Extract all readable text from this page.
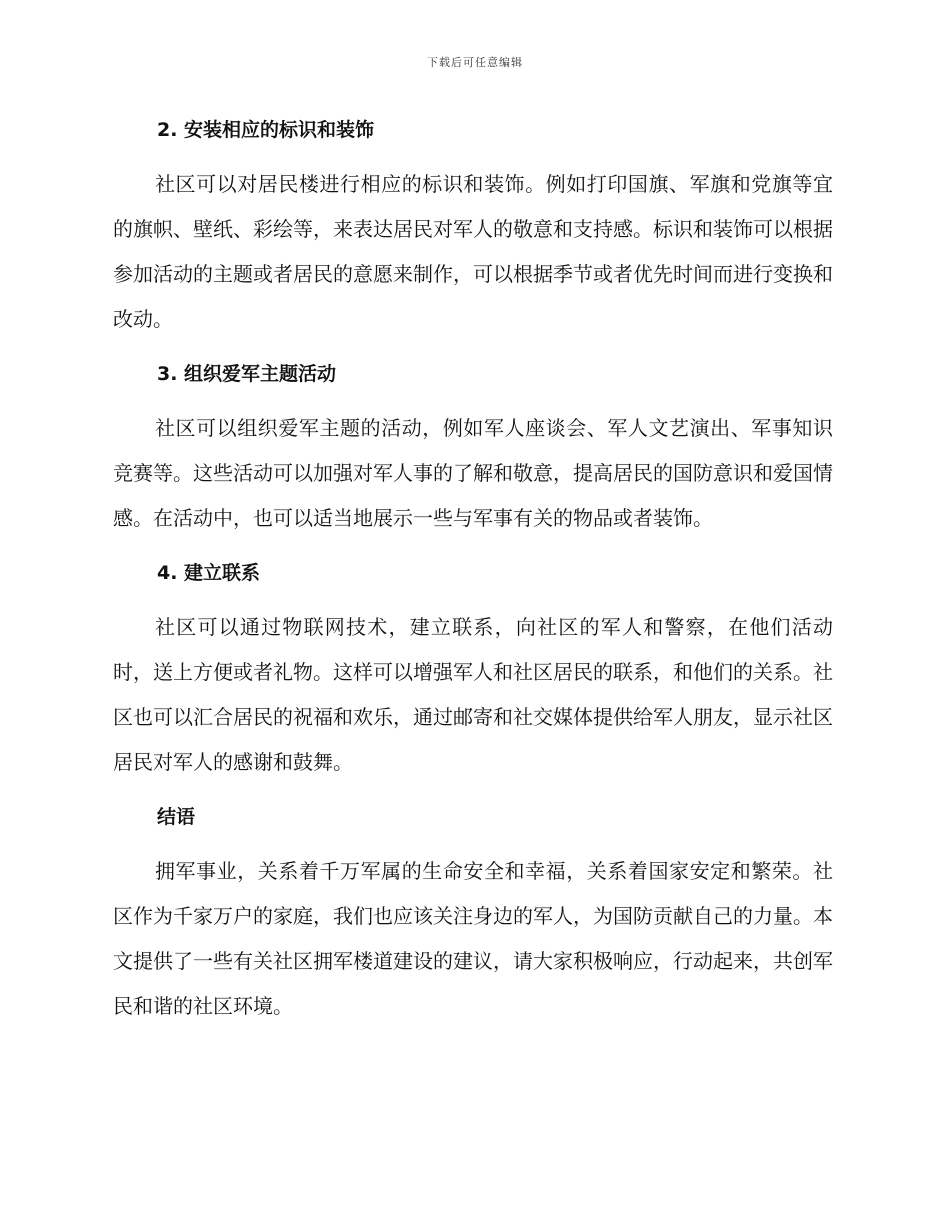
下载后可任意编辑
2. 安装相应的标识和装饰

社区可以对居民楼进行相应的标识和装饰。例如打印国旗、军旗和党旗等宜的旗帜、壁纸、彩绘等，来表达居民对军人的敬意和支持感。标识和装饰可以根据参加活动的主题或者居民的意愿来制作，可以根据季节或者优先时间而进行变换和改动。

3. 组织爱军主题活动

社区可以组织爱军主题的活动，例如军人座谈会、军人文艺演出、军事知识竞赛等。这些活动可以加强对军人事的了解和敬意，提高居民的国防意识和爱国情感。在活动中，也可以适当地展示一些与军事有关的物品或者装饰。

4. 建立联系

社区可以通过物联网技术，建立联系，向社区的军人和警察，在他们活动时，送上方便或者礼物。这样可以增强军人和社区居民的联系，和他们的关系。社区也可以汇合居民的祝福和欢乐，通过邮寄和社交媒体提供给军人朋友，显示社区居民对军人的感谢和鼓舞。

结语

拥军事业，关系着千万军属的生命安全和幸福，关系着国家安定和繁荣。社区作为千家万户的家庭，我们也应该关注身边的军人，为国防贡献自己的力量。本文提供了一些有关社区拥军楼道建设的建议，请大家积极响应，行动起来，共创军民和谐的社区环境。
